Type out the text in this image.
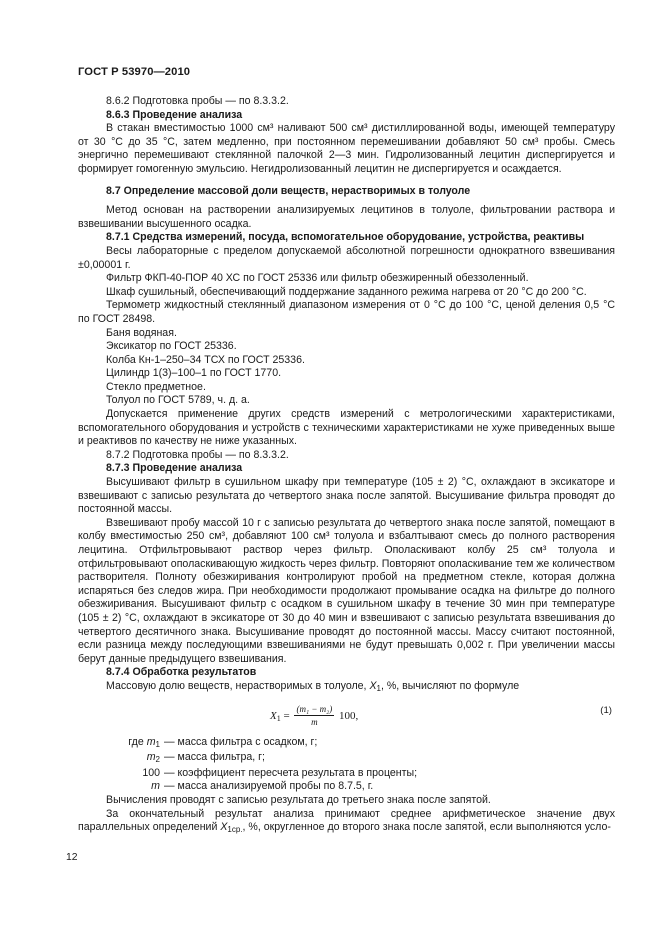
ГОСТ Р 53970—2010

8.6.2 Подготовка пробы — по 8.3.3.2.

8.6.3 Проведение анализа

В стакан вместимостью 1000 см³ наливают 500 см³ дистиллированной воды, имеющей температуру от 30 °С до 35 °С, затем медленно, при постоянном перемешивании добавляют 50 см³ пробы. Смесь энергично перемешивают стеклянной палочкой 2—3 мин. Гидролизованный лецитин диспергируется и формирует гомогенную эмульсию. Негидролизованный лецитин не диспергируется и осаждается.

8.7 Определение массовой доли веществ, нерастворимых в толуоле

Метод основан на растворении анализируемых лецитинов в толуоле, фильтровании раствора и взвешивании высушенного осадка.

8.7.1 Средства измерений, посуда, вспомогательное оборудование, устройства, реактивы

Весы лабораторные с пределом допускаемой абсолютной погрешности однократного взвешивания ±0,00001 г.

Фильтр ФКП-40-ПОР 40 ХС по ГОСТ 25336 или фильтр обезжиренный обеззоленный.

Шкаф сушильный, обеспечивающий поддержание заданного режима нагрева от 20 °С до 200 °С.

Термометр жидкостный стеклянный диапазоном измерения от 0 °С до 100 °С, ценой деления 0,5 °С по ГОСТ 28498.

Баня водяная.

Эксикатор по ГОСТ 25336.

Колба Кн-1–250–34 ТСХ по ГОСТ 25336.

Цилиндр 1(3)–100–1 по ГОСТ 1770.

Стекло предметное.

Толуол по ГОСТ 5789, ч. д. а.

Допускается применение других средств измерений с метрологическими характеристиками, вспомогательного оборудования и устройств с техническими характеристиками не хуже приведенных выше и реактивов по качеству не ниже указанных.

8.7.2 Подготовка пробы — по 8.3.3.2.

8.7.3 Проведение анализа

Высушивают фильтр в сушильном шкафу при температуре (105 ± 2) °С, охлаждают в эксикаторе и взвешивают с записью результата до четвертого знака после запятой. Высушивание фильтра проводят до постоянной массы.

Взвешивают пробу массой 10 г с записью результата до четвертого знака после запятой, помещают в колбу вместимостью 250 см³, добавляют 100 см³ толуола и взбалтывают смесь до полного растворения лецитина. Отфильтровывают раствор через фильтр. Ополаскивают колбу 25 см³ толуола и отфильтровывают ополаскивающую жидкость через фильтр. Повторяют ополаскивание тем же количеством растворителя. Полноту обезжиривания контролируют пробой на предметном стекле, которая должна испаряться без следов жира. При необходимости продолжают промывание осадка на фильтре до полного обезжиривания. Высушивают фильтр с осадком в сушильном шкафу в течение 30 мин при температуре (105 ± 2) °С, охлаждают в эксикаторе от 30 до 40 мин и взвешивают с записью результата взвешивания до четвертого десятичного знака. Высушивание проводят до постоянной массы. Массу считают постоянной, если разница между последующими взвешиваниями не будут превышать 0,002 г. При увеличении массы берут данные предыдущего взвешивания.

8.7.4 Обработка результатов

Массовую долю веществ, нерастворимых в толуоле, $X_1$, %, вычисляют по формуле

$X_1 = \frac{\text{(m₁ − m₂)}}{m} 100$,	(1)
где $m_1$ — масса фильтра с осадком, г;
$m_2$ — масса фильтра, г;
100 — коэффициент пересчета результата в проценты;
m — масса анализируемой пробы по 8.7.5, г.

Вычисления проводят с записью результата до третьего знака после запятой.

За окончательный результат анализа принимают среднее арифметическое значение двух параллельных определений $X_{1ср.}$, %, округленное до второго знака после запятой, если выполняются усло-

12
